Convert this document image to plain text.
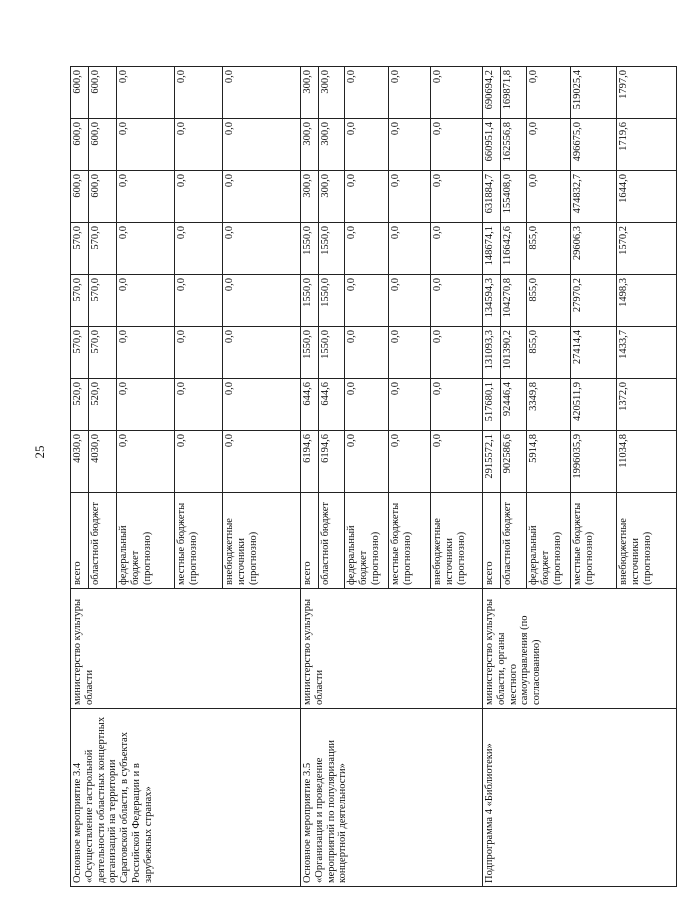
25
Основное мероприятие 3.4 «Осуществление гастрольной деятельности областных концертных организаций на территории Саратовской области, в субъектах Российской Федерации и в зарубежных странах»	министерство культуры области	всего	4030,0	520,0	570,0	570,0	570,0	600,0	600,0	600,0
		областной бюджет	4030,0	520,0	570,0	570,0	570,0	600,0	600,0	600,0
		федеральный бюджет (прогнозно)	0,0	0,0	0,0	0,0	0,0	0,0	0,0	0,0
		местные бюджеты (прогнозно)	0,0	0,0	0,0	0,0	0,0	0,0	0,0	0,0
		внебюджетные источники (прогнозно)	0,0	0,0	0,0	0,0	0,0	0,0	0,0	0,0
Основное мероприятие 3.5 «Организация и проведение мероприятий по популяризации концертной деятельности»	министерство культуры области	всего	6194,6	644,6	1550,0	1550,0	1550,0	300,0	300,0	300,0
		областной бюджет	6194,6	644,6	1550,0	1550,0	1550,0	300,0	300,0	300,0
		федеральный бюджет (прогнозно)	0,0	0,0	0,0	0,0	0,0	0,0	0,0	0,0
		местные бюджеты (прогнозно)	0,0	0,0	0,0	0,0	0,0	0,0	0,0	0,0
		внебюджетные источники (прогнозно)	0,0	0,0	0,0	0,0	0,0	0,0	0,0	0,0
Подпрограмма 4 «Библиотеки»	министерство культуры области, органы местного самоуправления (по согласованию)	всего	2915572,1	517680,1	131093,3	134594,3	148674,1	631884,7	660951,4	690694,2
		областной бюджет	902586,6	92446,4	101390,2	104270,8	116642,6	155408,0	162556,8	169871,8
		федеральный бюджет (прогнозно)	5914,8	3349,8	855,0	855,0	855,0	0,0	0,0	0,0
		местные бюджеты (прогнозно)	1996035,9	420511,9	27414,4	27970,2	29606,3	474832,7	496675,0	519025,4
		внебюджетные источники (прогнозно)	11034,8	1372,0	1433,7	1498,3	1570,2	1644,0	1719,6	1797,0
